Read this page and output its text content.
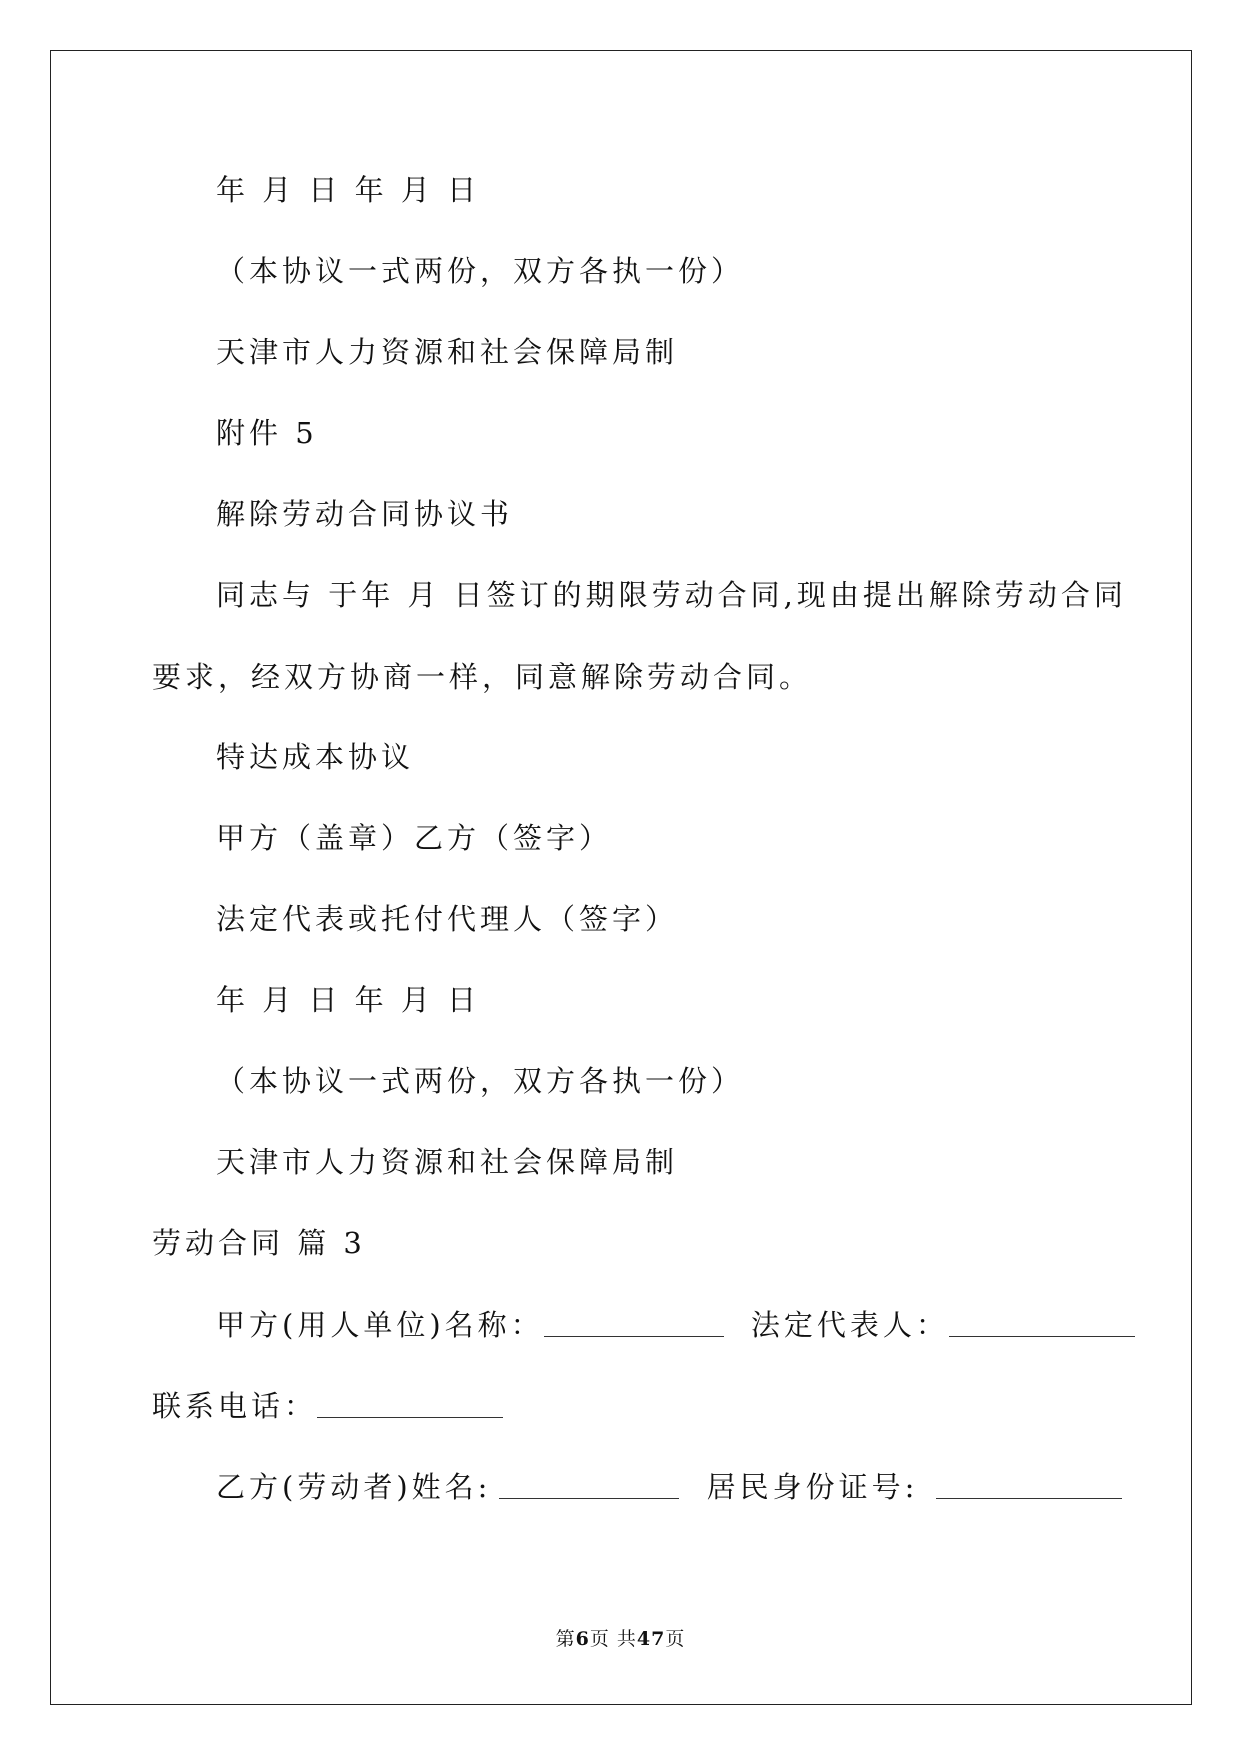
年 月 日 年 月 日
（本协议一式两份，双方各执一份）
天津市人力资源和社会保障局制
附件 5
解除劳动合同协议书
同志与 于年 月 日签订的期限劳动合同,现由提出解除劳动合同
要求，经双方协商一样，同意解除劳动合同。
特达成本协议
甲方（盖章）乙方（签字）
法定代表或托付代理人（签字）
年 月 日 年 月 日
（本协议一式两份，双方各执一份）
天津市人力资源和社会保障局制
劳动合同 篇 3
甲方(用人单位)名称：	法定代表人：
联系电话：
乙方(劳动者)姓名:	居民身份证号:
第6页 共47页
